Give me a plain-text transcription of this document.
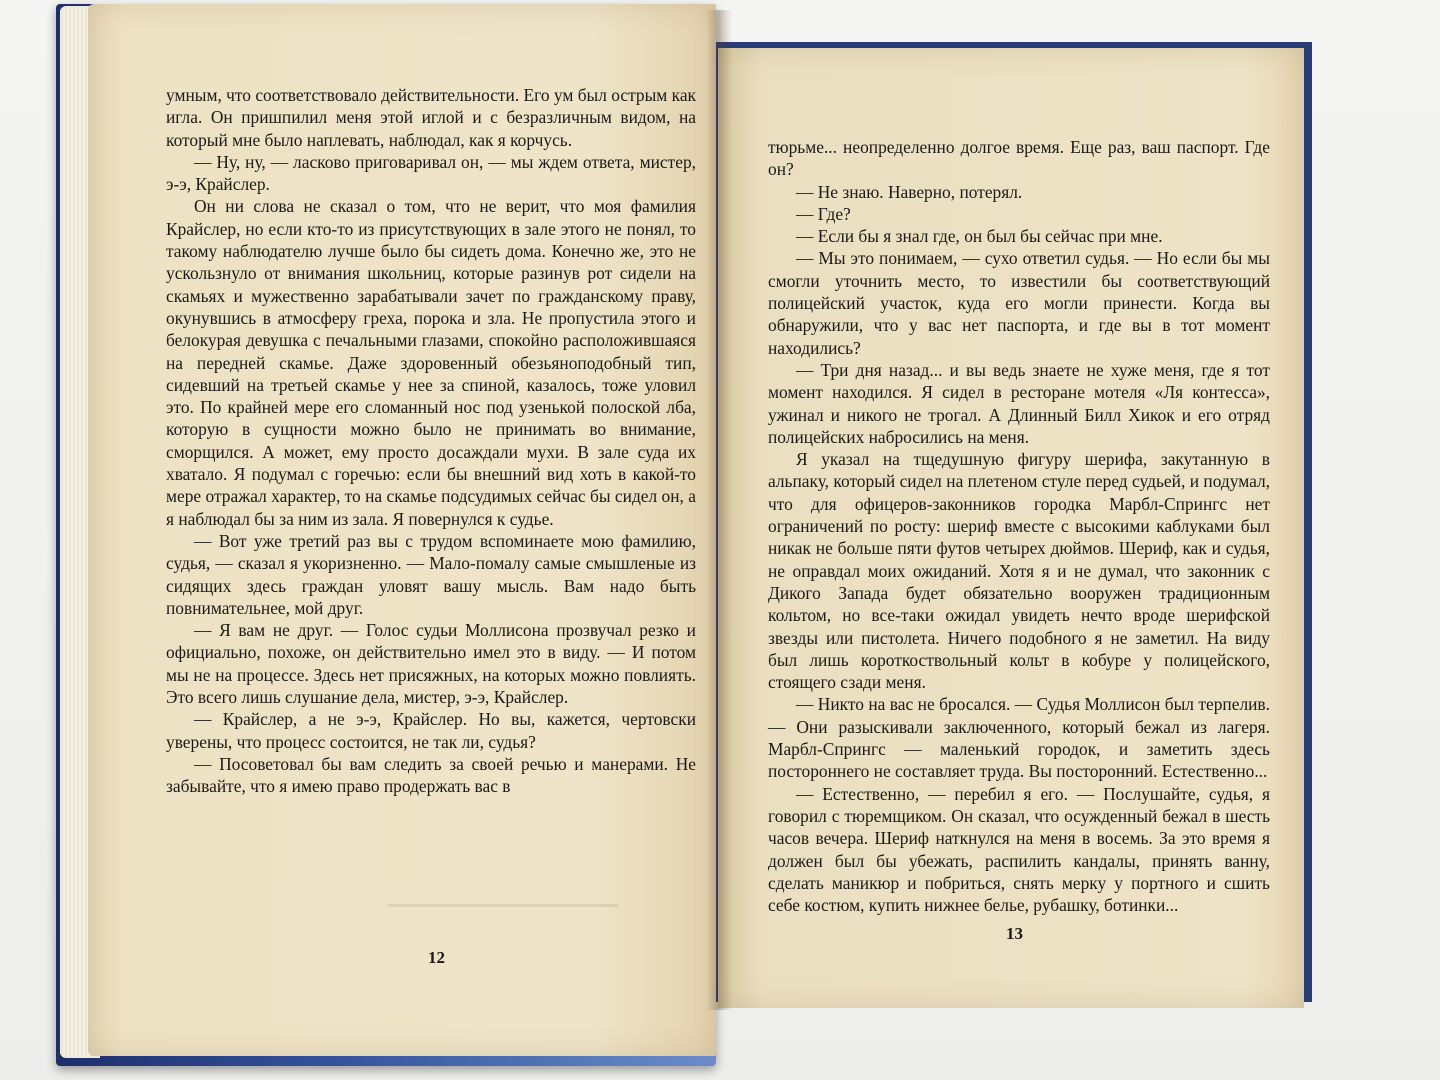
умным, что соответствовало действительности. Его ум был острым как игла. Он пришпилил меня этой иглой и с безразличным видом, на который мне было наплевать, наблюдал, как я корчусь.

— Ну, ну, — ласково приговаривал он, — мы ждем ответа, мистер, э-э, Крайслер.

Он ни слова не сказал о том, что не верит, что моя фамилия Крайслер, но если кто-то из присутствующих в зале этого не понял, то такому наблюдателю лучше было бы сидеть дома. Конечно же, это не ускользнуло от внимания школьниц, которые разинув рот сидели на скамьях и мужественно зарабатывали зачет по гражданскому праву, окунувшись в атмосферу греха, порока и зла. Не пропустила этого и белокурая девушка с печальными глазами, спокойно расположившаяся на передней скамье. Даже здоровенный обезьяноподобный тип, сидевший на третьей скамье у нее за спиной, казалось, тоже уловил это. По крайней мере его сломанный нос под узенькой полоской лба, которую в сущности можно было не принимать во внимание, сморщился. А может, ему просто досаждали мухи. В зале суда их хватало. Я подумал с горечью: если бы внешний вид хоть в какой-то мере отражал характер, то на скамье подсудимых сейчас бы сидел он, а я наблюдал бы за ним из зала. Я повернулся к судье.

— Вот уже третий раз вы с трудом вспоминаете мою фамилию, судья, — сказал я укоризненно. — Мало-помалу самые смышленые из сидящих здесь граждан уловят вашу мысль. Вам надо быть повнимательнее, мой друг.

— Я вам не друг. — Голос судьи Моллисона прозвучал резко и официально, похоже, он действительно имел это в виду. — И потом мы не на процессе. Здесь нет присяжных, на которых можно повлиять. Это всего лишь слушание дела, мистер, э-э, Крайслер.

— Крайслер, а не э-э, Крайслер. Но вы, кажется, чертовски уверены, что процесс состоится, не так ли, судья?

— Посоветовал бы вам следить за своей речью и манерами. Не забывайте, что я имею право продержать вас в

12

тюрьме... неопределенно долгое время. Еще раз, ваш паспорт. Где он?

— Не знаю. Наверно, потерял.

— Где?

— Если бы я знал где, он был бы сейчас при мне.

— Мы это понимаем, — сухо ответил судья. — Но если бы мы смогли уточнить место, то известили бы соответствующий полицейский участок, куда его могли принести. Когда вы обнаружили, что у вас нет паспорта, и где вы в тот момент находились?

— Три дня назад... и вы ведь знаете не хуже меня, где я тот момент находился. Я сидел в ресторане мотеля «Ля контесса», ужинал и никого не трогал. А Длинный Билл Хикок и его отряд полицейских набросились на меня.

Я указал на тщедушную фигуру шерифа, закутанную в альпаку, который сидел на плетеном стуле перед судьей, и подумал, что для офицеров-законников городка Марбл-Спрингс нет ограничений по росту: шериф вместе с высокими каблуками был никак не больше пяти футов четырех дюймов. Шериф, как и судья, не оправдал моих ожиданий. Хотя я и не думал, что законник с Дикого Запада будет обязательно вооружен традиционным кольтом, но все-таки ожидал увидеть нечто вроде шерифской звезды или пистолета. Ничего подобного я не заметил. На виду был лишь короткоствольный кольт в кобуре у полицейского, стоящего сзади меня.

— Никто на вас не бросался. — Судья Моллисон был терпелив. — Они разыскивали заключенного, который бежал из лагеря. Марбл-Спрингс — маленький городок, и заметить здесь постороннего не составляет труда. Вы посторонний. Естественно...

— Естественно, — перебил я его. — Послушайте, судья, я говорил с тюремщиком. Он сказал, что осужденный бежал в шесть часов вечера. Шериф наткнулся на меня в восемь. За это время я должен был бы убежать, распилить кандалы, принять ванну, сделать маникюр и побриться, снять мерку у портного и сшить себе костюм, купить нижнее белье, рубашку, ботинки...

13
